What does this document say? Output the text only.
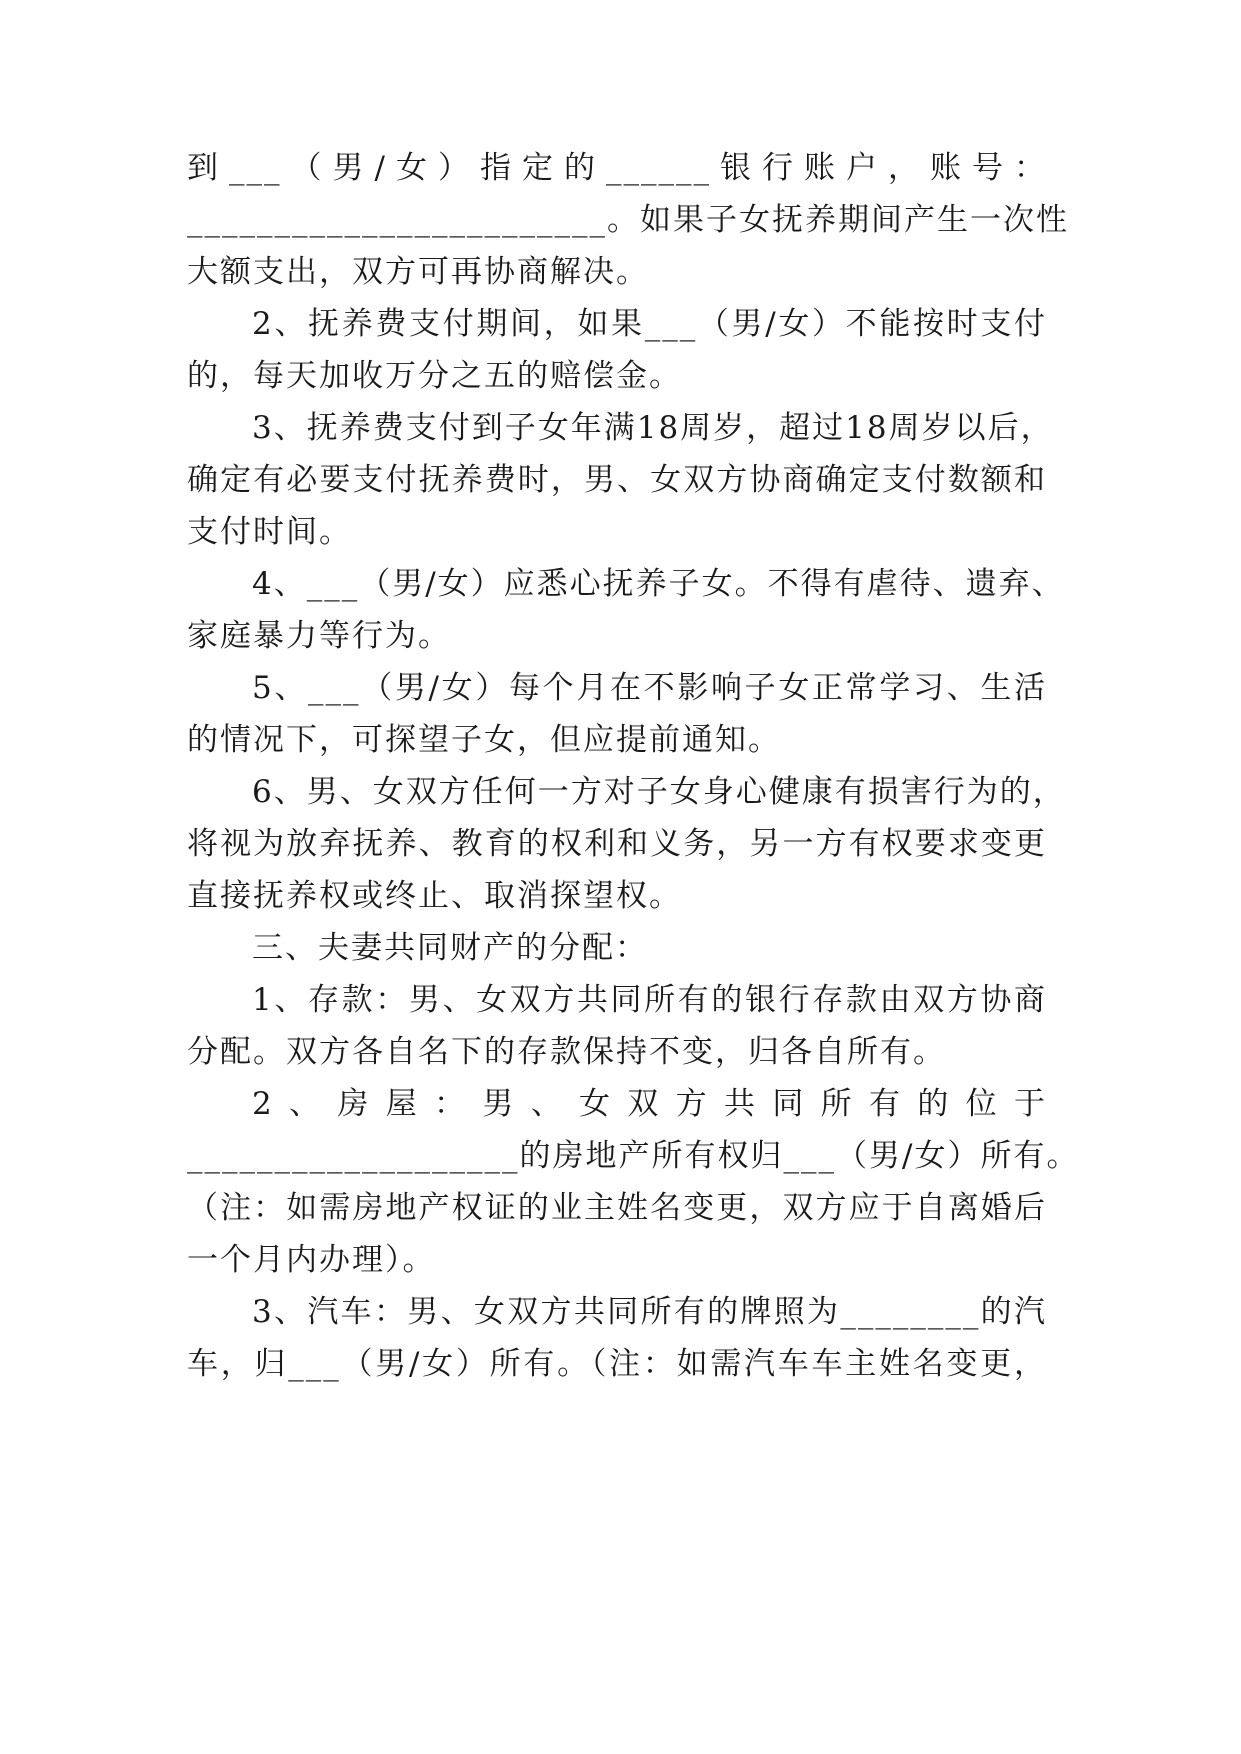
到___（男/女）指定的______银行账户，账号：
________________________。如果子女抚养期间产生一次性
大额支出，双方可再协商解决。
2、抚养费支付期间，如果___（男/女）不能按时支付
的，每天加收万分之五的赔偿金。
3、抚养费支付到子女年满18周岁，超过18周岁以后，
确定有必要支付抚养费时，男、女双方协商确定支付数额和
支付时间。
4、___（男/女）应悉心抚养子女。不得有虐待、遗弃、
家庭暴力等行为。
5、___（男/女）每个月在不影响子女正常学习、生活
的情况下，可探望子女，但应提前通知。
6、男、女双方任何一方对子女身心健康有损害行为的，
将视为放弃抚养、教育的权利和义务，另一方有权要求变更
直接抚养权或终止、取消探望权。
三、夫妻共同财产的分配：
1、存款：男、女双方共同所有的银行存款由双方协商
分配。双方各自名下的存款保持不变，归各自所有。
2、房屋：男、女双方共同所有的位于
___________________的房地产所有权归___（男/女）所有。
（注：如需房地产权证的业主姓名变更，双方应于自离婚后
一个月内办理）。
3、汽车：男、女双方共同所有的牌照为________的汽
车，归___（男/女）所有。（注：如需汽车车主姓名变更，
